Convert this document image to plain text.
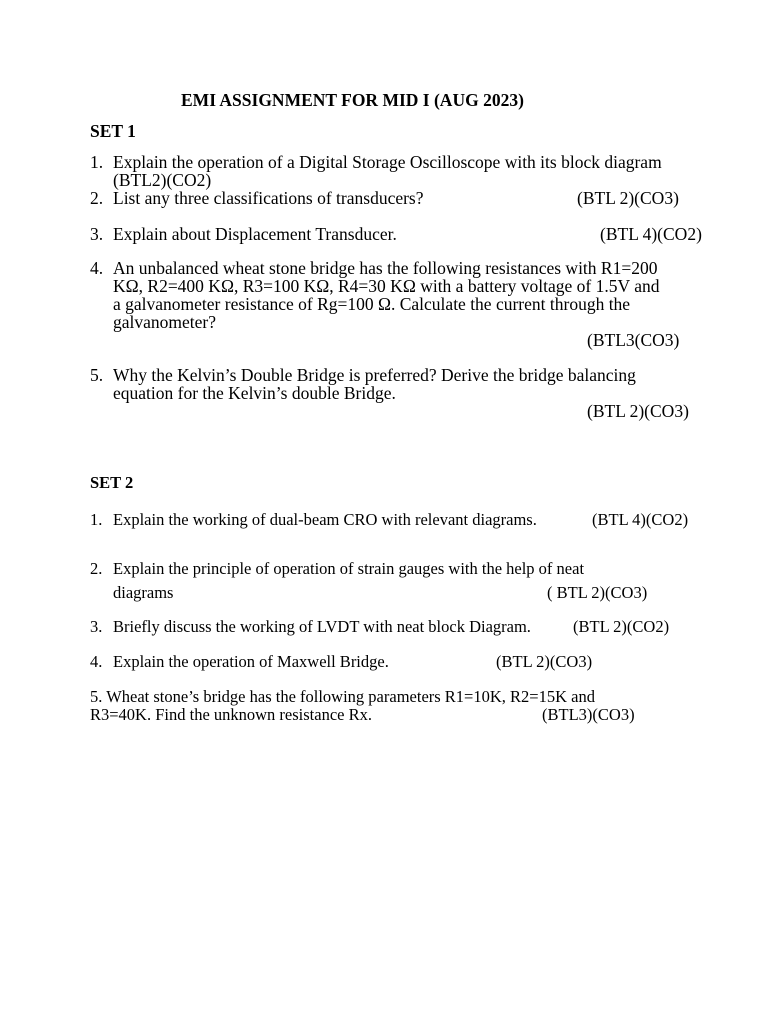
EMI ASSIGNMENT FOR MID I (AUG 2023)
SET 1
1. Explain the operation of a Digital Storage Oscilloscope with its block diagram
(BTL2)(CO2)
2. List any three classifications of transducers?	(BTL 2)(CO3)
3. Explain about Displacement Transducer.	(BTL 4)(CO2)
4. An unbalanced wheat stone bridge has the following resistances with R1=200
KΩ, R2=400 KΩ, R3=100 KΩ, R4=30 KΩ with a battery voltage of 1.5V and
a galvanometer resistance of Rg=100 Ω. Calculate the current through the
galvanometer?
(BTL3(CO3)
5. Why the Kelvin’s Double Bridge is preferred? Derive the bridge balancing
equation for the Kelvin’s double Bridge.
(BTL 2)(CO3)
SET 2
1. Explain the working of dual-beam CRO with relevant diagrams.	(BTL 4)(CO2)
2. Explain the principle of operation of strain gauges with the help of neat
diagrams	( BTL 2)(CO3)
3. Briefly discuss the working of LVDT with neat block Diagram.	(BTL 2)(CO2)
4. Explain the operation of Maxwell Bridge.	(BTL 2)(CO3)
5. Wheat stone’s bridge has the following parameters R1=10K, R2=15K and
R3=40K. Find the unknown resistance Rx.	(BTL3)(CO3)
